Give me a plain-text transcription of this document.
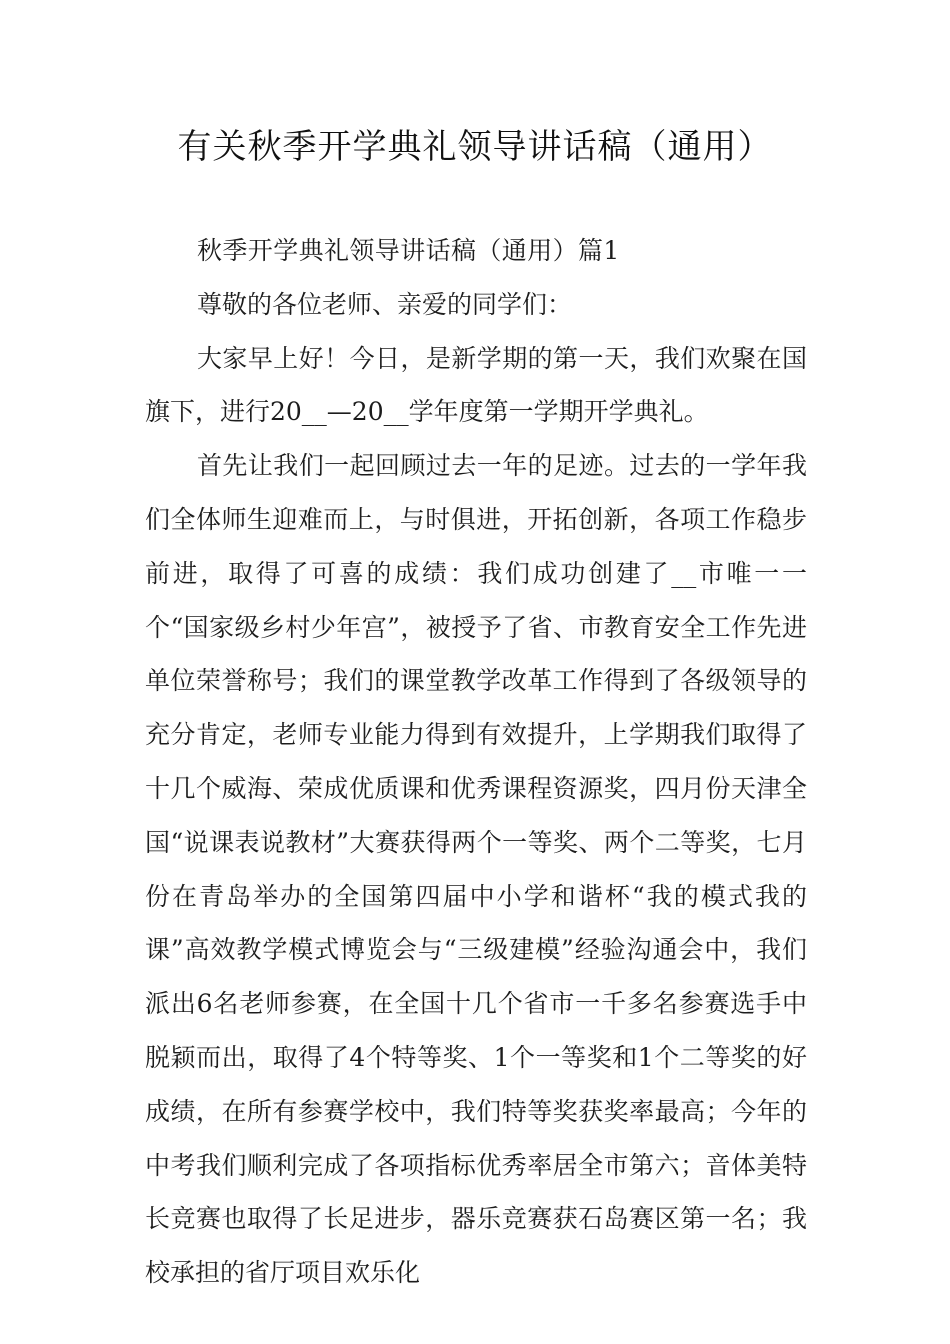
有关秋季开学典礼领导讲话稿（通用）

秋季开学典礼领导讲话稿（通用）篇1

尊敬的各位老师、亲爱的同学们：

大家早上好！今日，是新学期的第一天，我们欢聚在国旗下，进行20__—20__学年度第一学期开学典礼。

首先让我们一起回顾过去一年的足迹。过去的一学年我们全体师生迎难而上，与时俱进，开拓创新，各项工作稳步前进，取得了可喜的成绩：我们成功创建了__市唯一一个“国家级乡村少年宫”，被授予了省、市教育安全工作先进单位荣誉称号；我们的课堂教学改革工作得到了各级领导的充分肯定，老师专业能力得到有效提升，上学期我们取得了十几个威海、荣成优质课和优秀课程资源奖，四月份天津全国“说课表说教材”大赛获得两个一等奖、两个二等奖，七月份在青岛举办的全国第四届中小学和谐杯“我的模式我的课”高效教学模式博览会与“三级建模”经验沟通会中，我们派出6名老师参赛，在全国十几个省市一千多名参赛选手中脱颖而出，取得了4个特等奖、1个一等奖和1个二等奖的好成绩，在所有参赛学校中，我们特等奖获奖率最高；今年的中考我们顺利完成了各项指标优秀率居全市第六；音体美特长竞赛也取得了长足进步，器乐竞赛获石岛赛区第一名；我校承担的省厅项目欢乐化
